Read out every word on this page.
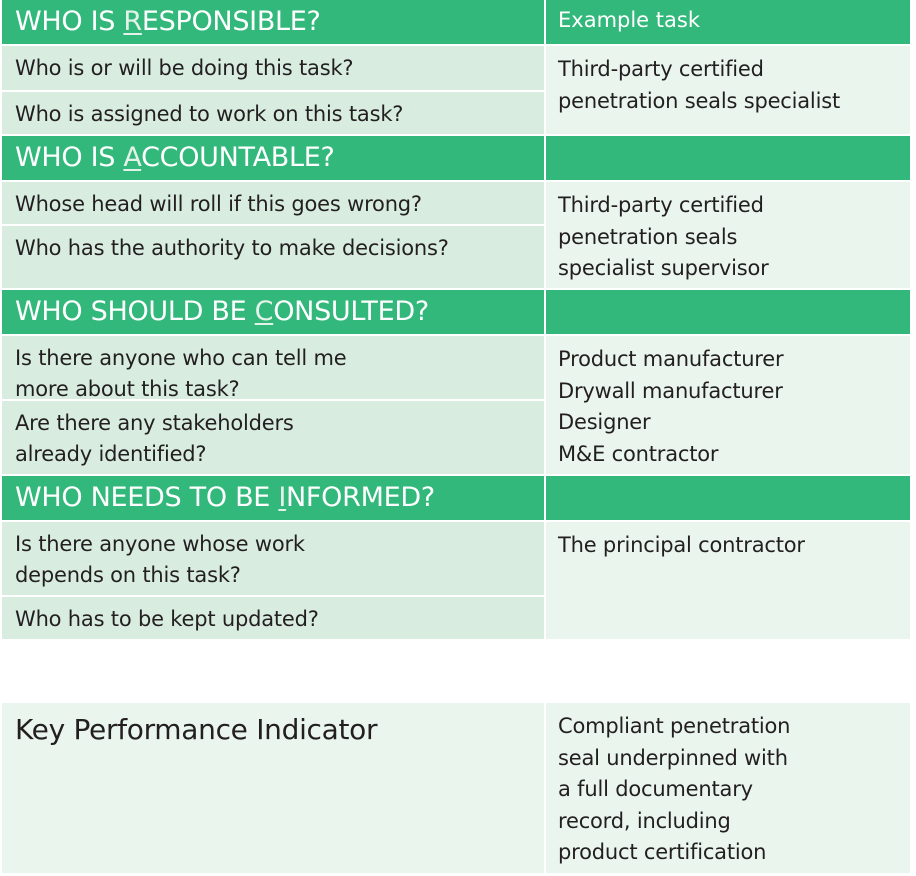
WHO IS RESPONSIBLE?	Example task
Who is or will be doing this task?
Who is assigned to work on this task?
Third-party certified
penetration seals specialist
WHO IS ACCOUNTABLE?
Whose head will roll if this goes wrong?
Who has the authority to make decisions?
Third-party certified
penetration seals
specialist supervisor
WHO SHOULD BE CONSULTED?
Is there anyone who can tell me
more about this task?
Are there any stakeholders
already identified?
Product manufacturer
Drywall manufacturer
Designer
M&E contractor
WHO NEEDS TO BE INFORMED?
Is there anyone whose work
depends on this task?
Who has to be kept updated?
The principal contractor
Key Performance Indicator	Compliant penetration
seal underpinned with
a full documentary
record, including
product certification
